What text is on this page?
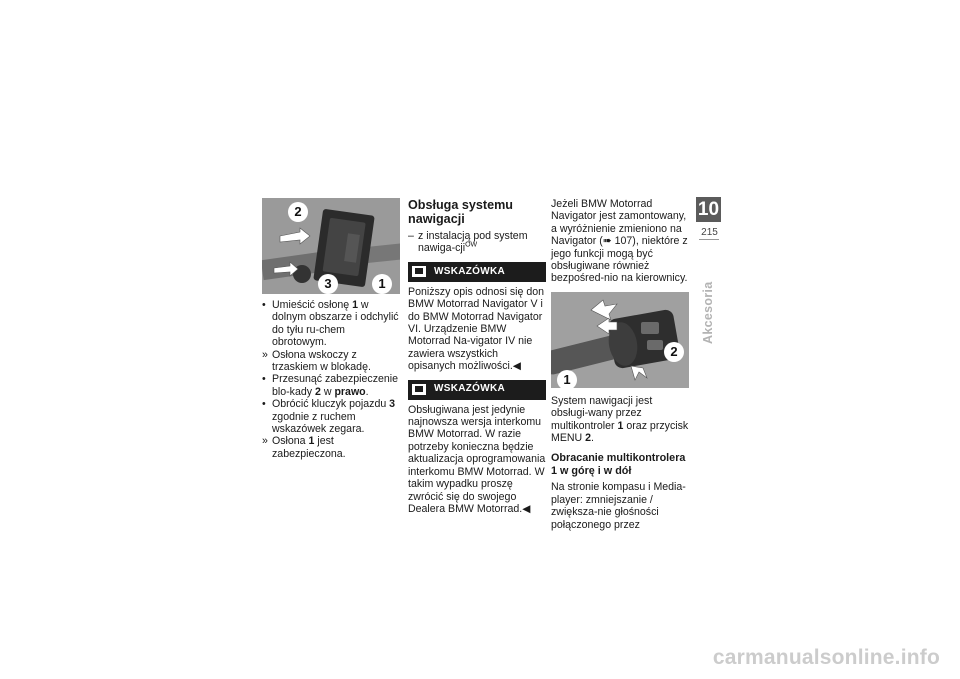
2
3	1
• Umieścić osłonę 1 w dolnym obszarze i odchylić do tyłu ru-chem obrotowym.
» Osłona wskoczy z trzaskiem w blokadę.
• Przesunąć zabezpieczenie blo-kady 2 w prawo.
• Obrócić kluczyk pojazdu 3 zgodnie z ruchem wskazówek zegara.
» Osłona 1 jest zabezpieczona.
Obsługa systemu nawigacji
– z instalacją pod system nawiga-cji$^{OW}$
WSKAZÓWKA
Poniższy opis odnosi się don BMW Motorrad Navigator V i do BMW Motorrad Navigator VI. Urządzenie BMW Motorrad Na-vigator IV nie zawiera wszystkich opisanych możliwości.◀
WSKAZÓWKA
Obsługiwana jest jedynie najnowsza wersja interkomu BMW Motorrad. W razie potrzeby konieczna będzie aktualizacja oprogramowania interkomu BMW Motorrad. W takim wypadku proszę zwrócić się do swojego Dealera BMW Motorrad.◀
Jeżeli BMW Motorrad Navigator jest zamontowany, a wyróżnienie zmieniono na Navigator (➠ 107), niektóre z jego funkcji mogą być obsługiwane również bezpośred-nio na kierownicy.
2
1
System nawigacji jest obsługi-wany przez multikontroler 1 oraz przycisk MENU 2.
Obracanie multikontrolera 1 w górę i w dół
Na stronie kompasu i Media-player: zmniejszanie / zwiększa-nie głośności połączonego przez
10
215
Akcesoria
carmanualsonline.info
